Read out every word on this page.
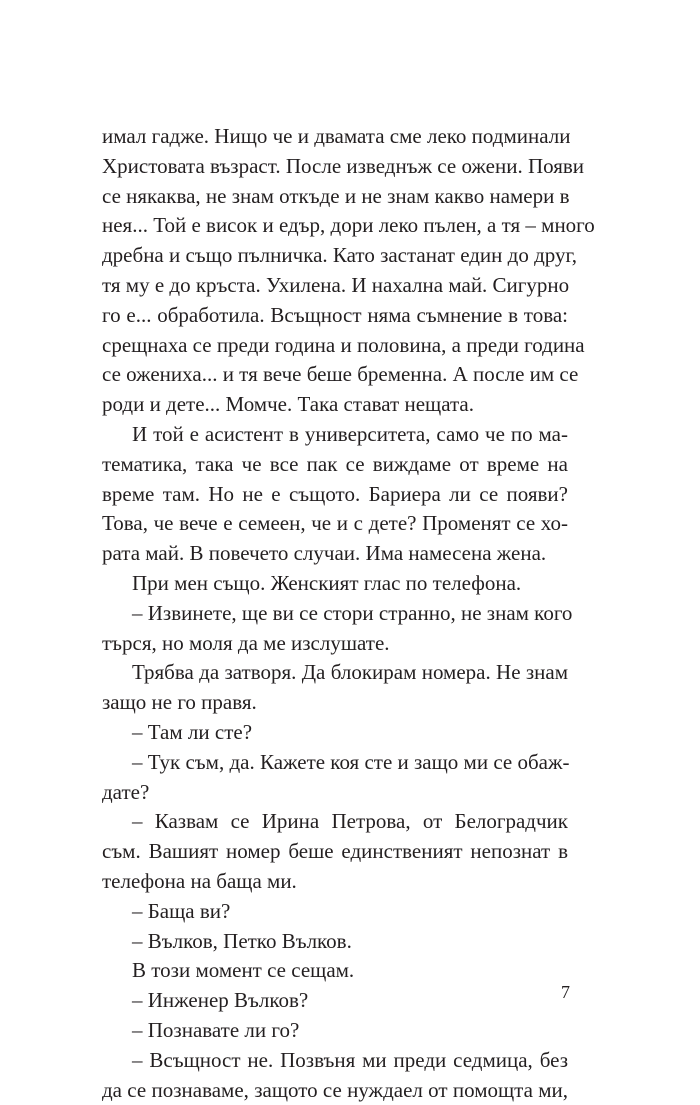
имал гадже. Нищо че и двамата сме леко подминали
Христовата възраст. После изведнъж се ожени. Появи
се някаква, не знам откъде и не знам какво намери в
нея... Той е висок и едър, дори леко пълен, а тя – много
дребна и също пълничка. Като застанат един до друг,
тя му е до кръста. Ухилена. И нахална май. Сигурно
го е... обработила. Всъщност няма съмнение в това:
срещнаха се преди година и половина, а преди година
се ожениха... и тя вече беше бременна. А после им се
роди и дете... Момче. Така стават нещата.
И той е асистент в университета, само че по ма-
тематика, така че все пак се виждаме от време на
време там. Но не е същото. Бариера ли се появи?
Това, че вече е семеен, че и с дете? Променят се хо-
рата май. В повечето случаи. Има намесена жена.
При мен също. Женският глас по телефона.
– Извинете, ще ви се стори странно, не знам кого
търся, но моля да ме изслушате.
Трябва да затворя. Да блокирам номера. Не знам
защо не го правя.
– Там ли сте?
– Тук съм, да. Кажете коя сте и защо ми се обаж-
дате?
– Казвам се Ирина Петрова, от Белоградчик
съм. Вашият номер беше единственият непознат в
телефона на баща ми.
– Баща ви?
– Вълков, Петко Вълков.
В този момент се сещам.
– Инженер Вълков?
– Познавате ли го?
– Всъщност не. Позвъня ми преди седмица, без
да се познаваме, защото се нуждаел от помощта ми,
7
